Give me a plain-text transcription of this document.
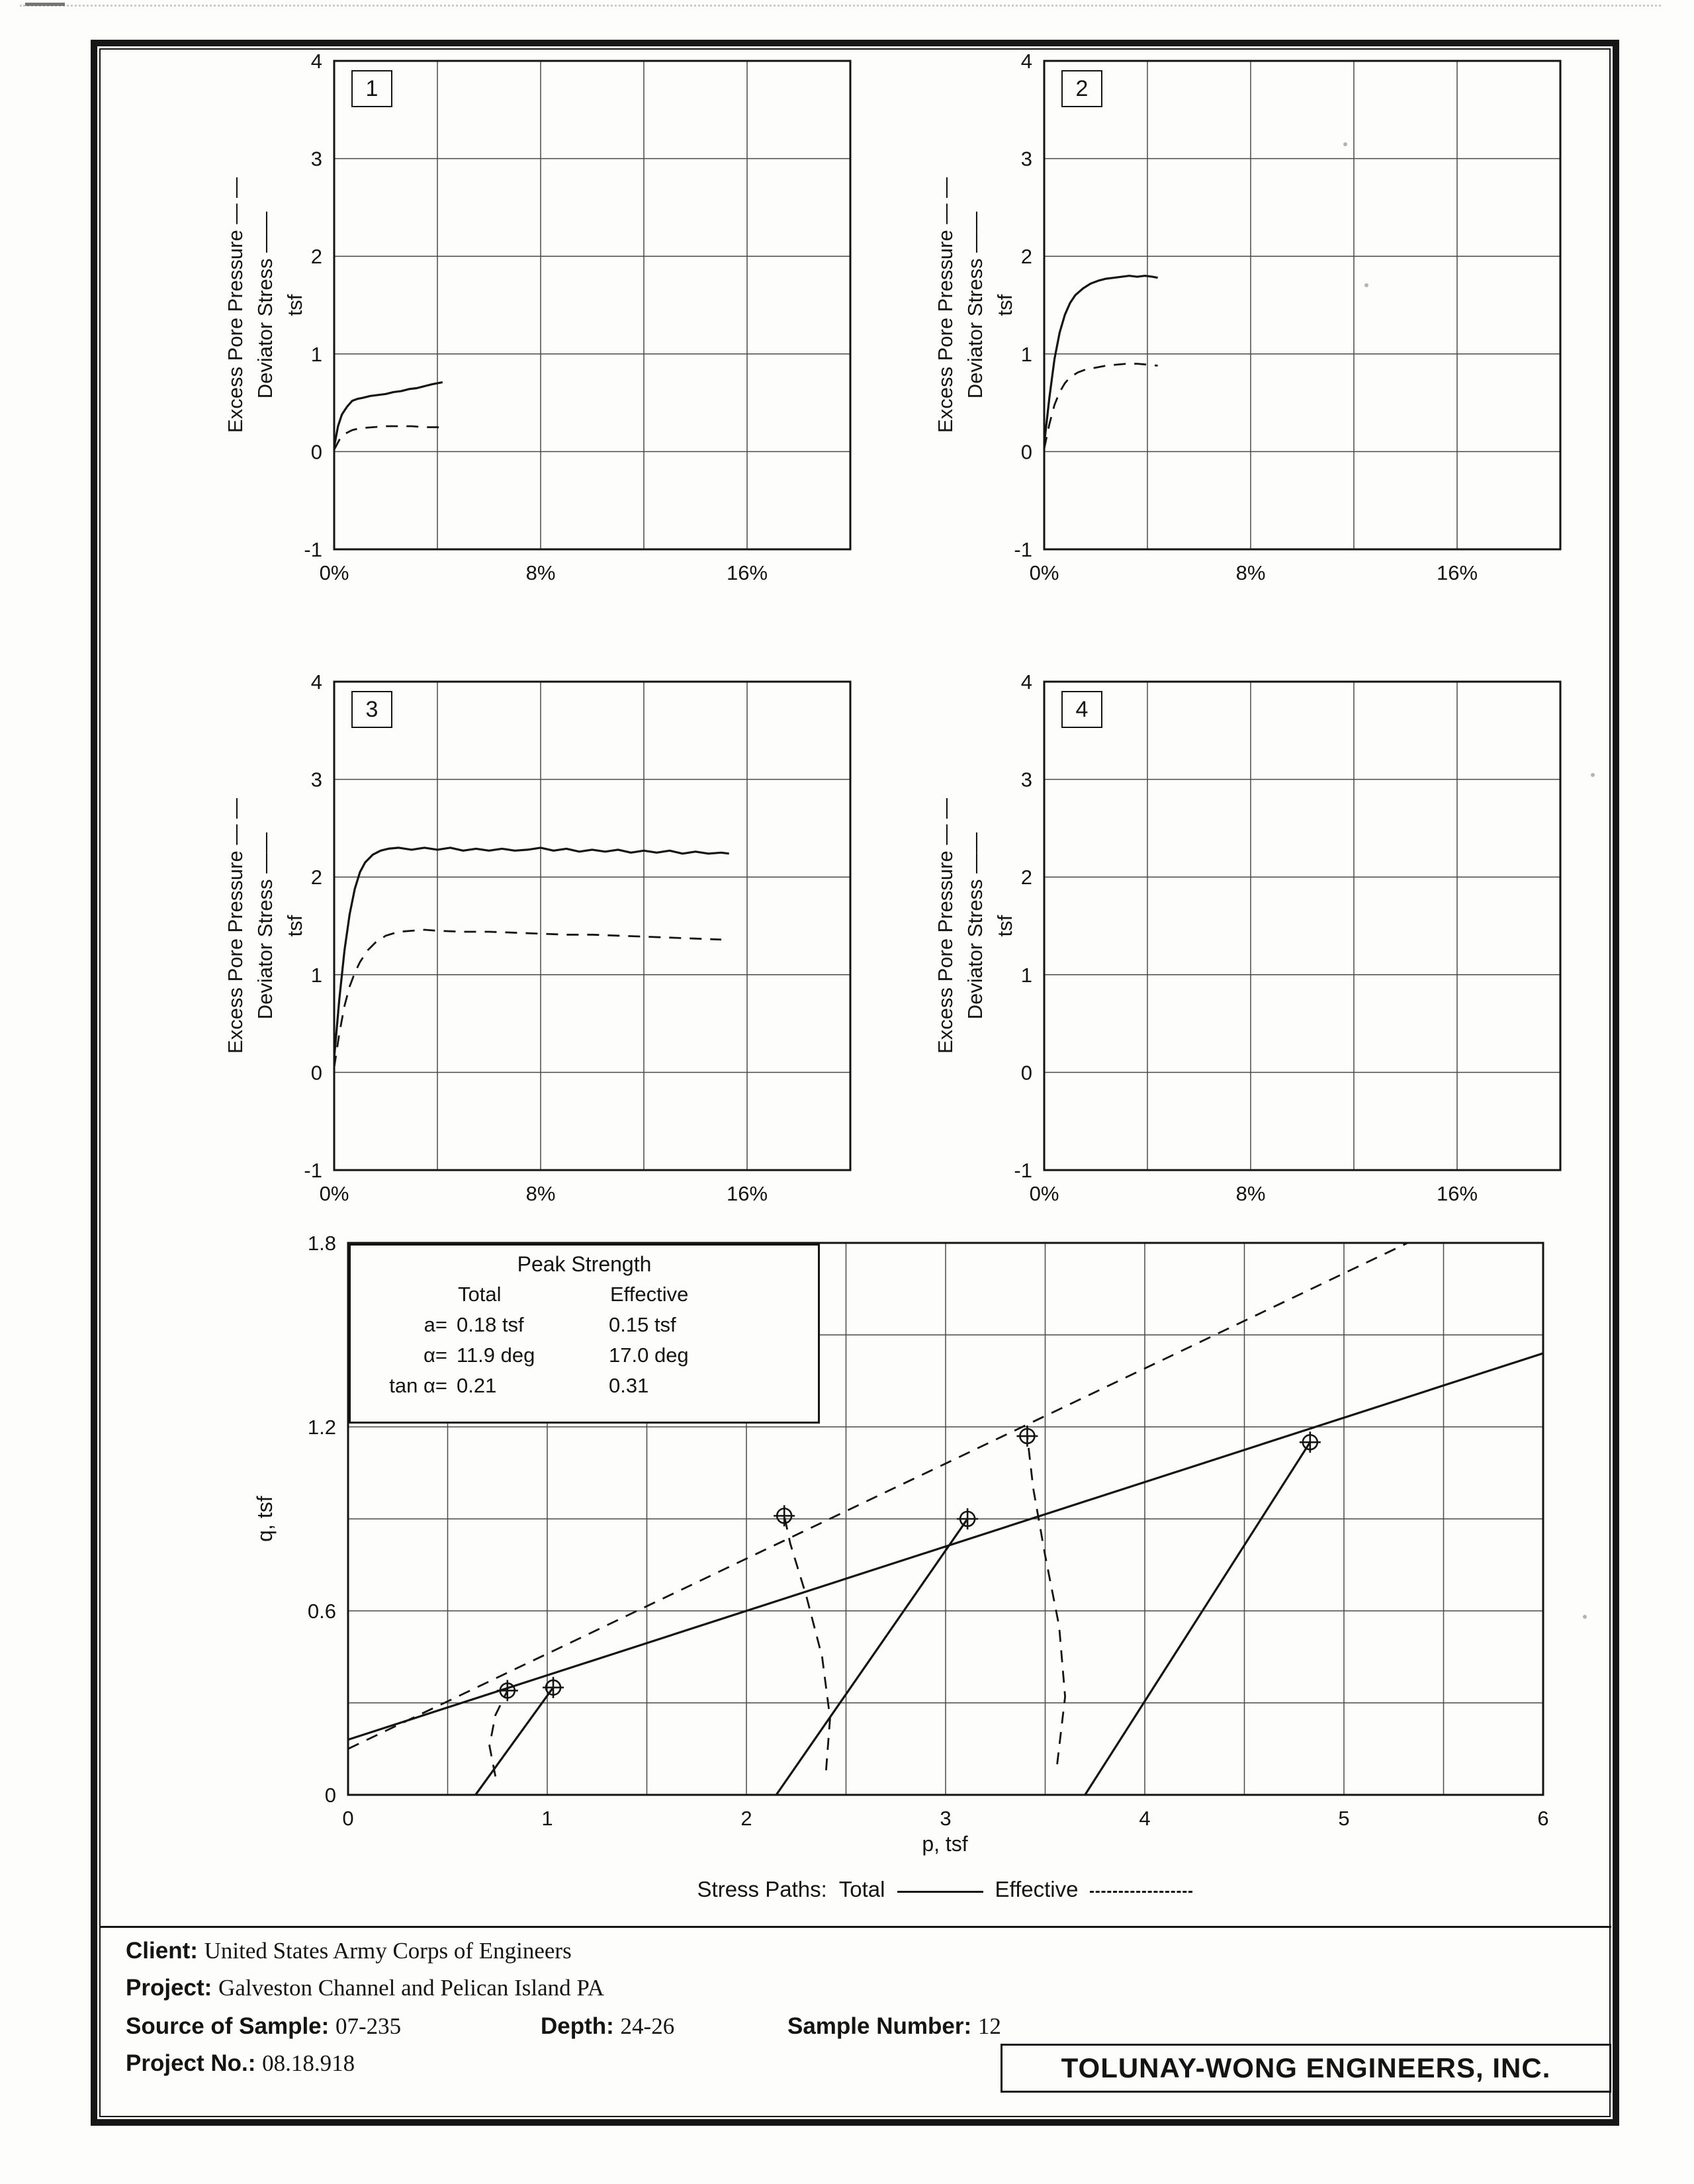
Excess Pore Pressure — — Deviator Stress —— tsf	Excess Pore Pressure — — Deviator Stress —— tsf
Excess Pore Pressure — — Deviator Stress —— tsf	Excess Pore Pressure — — Deviator Stress —— tsf
1
0%	8%	16%
4
3
2
1
0
-1
2
0%	8%	16%
4
3
2
1
0
-1
3
0%	8%	16%
4
3
2
1
0
-1
4
0%	8%	16%
4
3
2
1
0
-1
q, tsf
0	1	2	3	4	5	6
0
0.6
1.2
1.8
Peak Strength
Total	Effective
a= 0.18 tsf	0.15 tsf
α= 11.9 deg	17.0 deg
tan α= 0.21	0.31
p, tsf
Stress Paths: Total	Effective
Client: United States Army Corps of Engineers
Project: Galveston Channel and Pelican Island PA
Source of Sample: 07-235	Depth: 24-26	Sample Number: 12
Project No.: 08.18.918	TOLUNAY-WONG ENGINEERS, INC.
